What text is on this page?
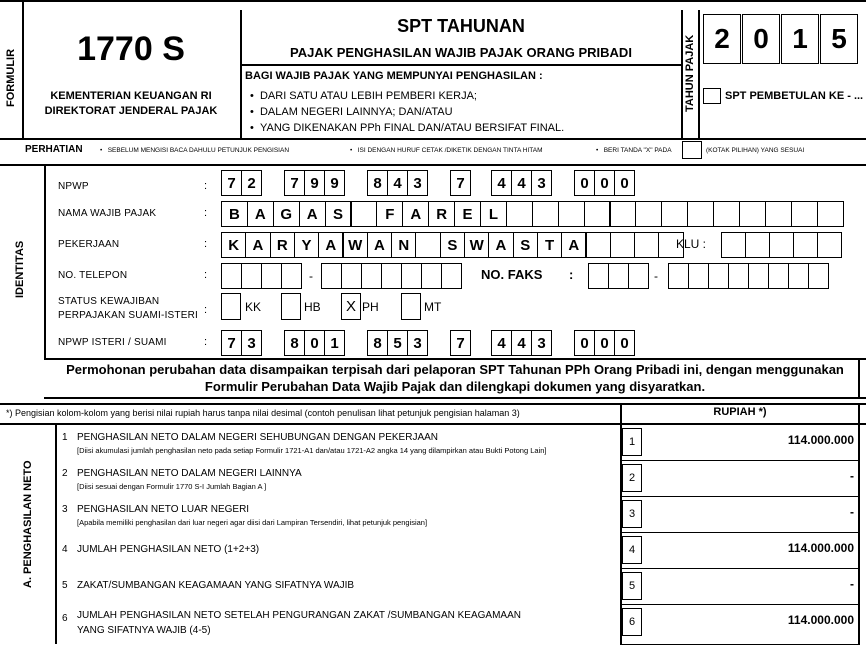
FORMULIR	1770 S
KEMENTERIAN KEUANGAN RI
DIREKTORAT JENDERAL PAJAK
SPT TAHUNAN
PAJAK PENGHASILAN WAJIB PAJAK ORANG PRIBADI
BAGI WAJIB PAJAK YANG MEMPUNYAI PENGHASILAN :
•  DARI SATU ATAU LEBIH PEMBERI KERJA;
•  DALAM NEGERI LAINNYA; DAN/ATAU
•  YANG DIKENAKAN PPh FINAL DAN/ATAU BERSIFAT FINAL.
TAHUN PAJAK 2 0 1 5
SPT PEMBETULAN KE - ...
PERHATIAN	•   SEBELUM MENGISI BACA DAHULU PETUNJUK PENGISIAN	•   ISI DENGAN HURUF CETAK /DIKETIK DENGAN TINTA HITAM	•   BERI TANDA "X" PADA	(KOTAK PILIHAN) YANG SESUAI
IDENTITAS
NPWP	:	7 2	7 9 9	8 4 3	7	4 4 3	0 0 0
NAMA WAJIB PAJAK	:	B	A G A	S	F	A	R	E	L
PEKERJAAN	:	K A R Y A W A N	S W A S T A	KLU :
NO. TELEPON	:	-	NO. FAKS :	-
STATUS KEWAJIBAN
PERPAJAKAN SUAMI-ISTERI :	KK	HB	X PH	MT
NPWP ISTERI / SUAMI	:	7 3	8 0 1	8 5 3	7	4 4 3	0 0 0
Permohonan perubahan data disampaikan terpisah dari pelaporan SPT Tahunan PPh Orang Pribadi ini, dengan menggunakan
Formulir Perubahan Data Wajib Pajak dan dilengkapi dokumen yang disyaratkan.
*) Pengisian kolom-kolom yang berisi nilai rupiah harus tanpa nilai desimal (contoh penulisan lihat petunjuk pengisian halaman 3)	RUPIAH *)
A. PENGHASILAN NETO
1 PENGHASILAN NETO DALAM NEGERI SEHUBUNGAN DENGAN PEKERJAAN
[Diisi akumulasi jumlah penghasilan neto pada setiap Formulir 1721-A1 dan/atau 1721-A2 angka 14 yang dilampirkan atau Bukti Potong Lain]
1	114.000.000
2 PENGHASILAN NETO DALAM NEGERI LAINNYA
[Diisi sesuai dengan Formulir 1770 S-I Jumlah Bagian A ]
2	-
3 PENGHASILAN NETO LUAR NEGERI
[Apabila memiliki penghasilan dari luar negeri agar diisi dari Lampiran Tersendiri, lihat petunjuk pengisian]
3	-
4 JUMLAH PENGHASILAN NETO (1+2+3)	4	114.000.000
5 ZAKAT/SUMBANGAN KEAGAMAAN YANG SIFATNYA WAJIB	5	-
6 JUMLAH PENGHASILAN NETO SETELAH PENGURANGAN ZAKAT /SUMBANGAN KEAGAMAAN
YANG SIFATNYA WAJIB (4-5)
6	114.000.000
